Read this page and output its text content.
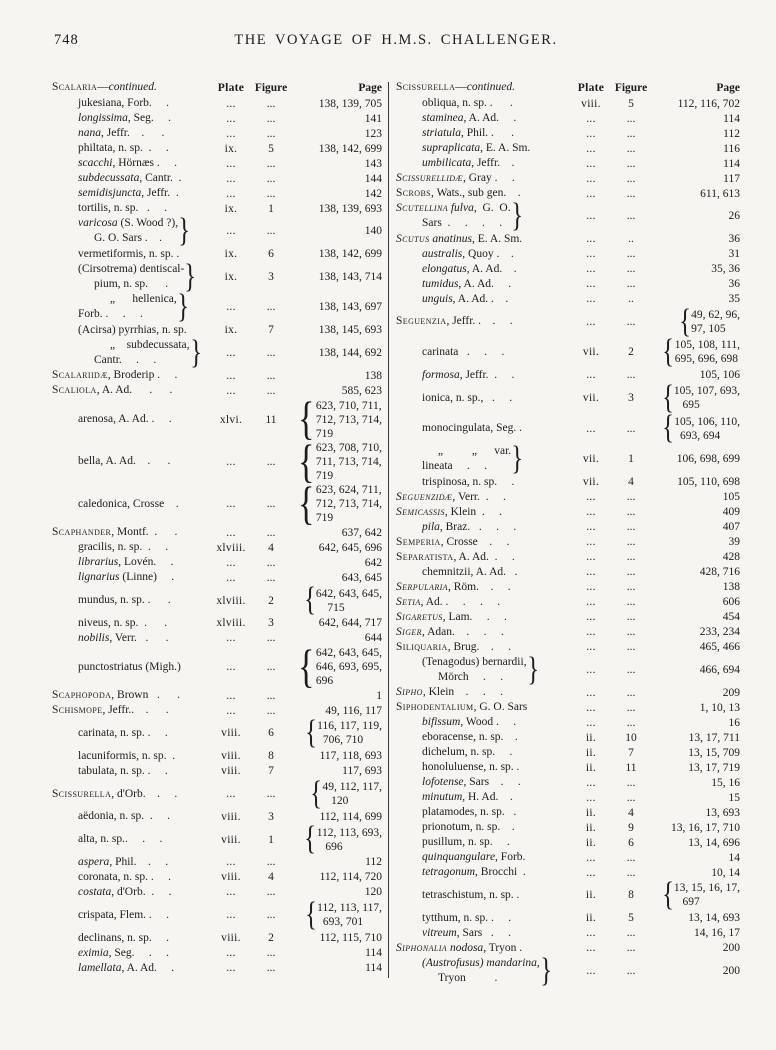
748	THE VOYAGE OF H.M.S. CHALLENGER.
Scalaria—continued.	Plate Figure	Page
jukesiana, Forb.     .	...	...	138, 139, 705
longissima, Seg.     .	...	...	141
nana, Jeffr.    .      .	...	...	123
philtata, n. sp.  .     .	ix.	5	138, 142, 699
scacchi, Hörnæs .     .	...	...	143
subdecussata, Cantr.  .	...	...	144
semidisjuncta, Jeffr.  .	...	...	142
tortilis, n. sp.   .     .	ix.	1	138, 139, 693
varicosa (S. Wood ?),
G. O. Sars .    . }	...	...	140
vermetiformis, n. sp. .	ix.	6	138, 142, 699
(Cirsotrema) dentiscal-
pium, n. sp.      . }	ix.	3	138, 143, 714
„      hellenica,
Forb. .     .     .	}	...	...	138, 143, 697
(Acirsa) pyrrhias, n. sp.	ix.	7	138, 145, 693
„    subdecussata,
Cantr.     .     . }	...	...	138, 144, 692
Scalariidæ, Broderip .     .	...	...	138
Scaliola, A. Ad.      .      .	...	...	585, 623
arenosa, A. Ad. .     .	xlvi.	11 { 623, 710, 711,
712, 713, 714,
719
bella, A. Ad.    .      .	...	... { 623, 708, 710,
711, 713, 714,
719
caledonica, Crosse    .	...	... { 623, 624, 711,
712, 713, 714,
719
Scaphander, Montf.  .      .	...	...	637, 642
gracilis, n. sp.  .     .	xlviii.	4	642, 645, 696
librarius, Lovén.     .	...	...	642
lignarius (Linne)     .	...	...	643, 645
mundus, n. sp. .      .	xlviii.	2 { 642, 643, 645,
715
niveus, n. sp.  .      .	xlviii.	3	642, 644, 717
nobilis, Verr.   .      .	...	...	644
punctostriatus (Migh.)	...	... { 642, 643, 645,
646, 693, 695,
696
Scaphopoda, Brown   .      .	...	...	1
Schismope, Jeffr..    .      .	...	...	49, 116, 117
carinata, n. sp. .     .	viii.	6 { 116, 117, 119,
706, 710
lacuniformis, n. sp.  .	viii.	8	117, 118, 693
tabulata, n. sp. .     .	viii.	7	117, 693
Scissurella, d'Orb.    .     .	...	...	{ 49, 112, 117,
120
aëdonia, n. sp.  .     .	viii.	3	112, 114, 699
alta, n. sp..     .     .	viii.	1 { 112, 113, 693,
696
aspera, Phil.    .     .	...	...	112
coronata, n. sp. .     .	viii.	4	112, 114, 720
costata, d'Orb.  .     .	...	...	120
crispata, Flem. .     .	...	... { 112, 113, 117,
693, 701
declinans, n. sp.     .	viii.	2	112, 115, 710
eximia, Seg.     .     .	...	...	114
lamellata, A. Ad.     .	...	...	114
Scissurella—continued.	Plate Figure	Page
obliqua, n. sp. .      .	viii.	5	112, 116, 702
staminea, A. Ad.     .	...	...	114
striatula, Phil. .      .	...	...	112
supraplicata, E. A. Sm.	...	...	116
umbilicata, Jeffr.    .	...	...	114
Scissurellidæ, Gray .     .	...	...	117
Scrobs, Wats., sub gen.    .	...	...	611, 613
Scutellina fulva,  G.  O.
Sars  .     .     .     . }	...	...	26
Scutus anatinus, E. A. Sm.	...	..	36
australis, Quoy .    .	...	...	31
elongatus, A. Ad.    .	...	...	35, 36
tumidus, A. Ad.     .	...	...	36
unguis, A. Ad. .    .	...	..	35
Seguenzia, Jeffr. .    .     .	...	...	{ 49, 62, 96,
97, 105
carinata   .     .     .	vii.	2 { 105, 108, 111,
695, 696, 698
formosa, Jeffr.  .     .	...	...	105, 106
ionica, n. sp.,   .     .	vii.	3 { 105, 107, 693,
695
monocingulata, Seg. .	...	... { 105, 106, 110,
693, 694
„          „      var.
lineata     .     . }	vii.	1	106, 698, 699
trispinosa, n. sp.     .	vii.	4	105, 110, 698
Seguenzidæ, Verr.  .     .	...	...	105
Semicassis, Klein  .     .	...	...	409
pila, Braz.   .     .     .	...	...	407
Semperia, Crosse    .     .	...	...	39
Separatista, A. Ad.  .     .	...	...	428
chemnitzii, A. Ad.   .	...	...	428, 716
Serpularia, Röm.    .     .	...	...	138
Setia, Ad. .     .     .     .	...	...	606
Sigaretus, Lam.     .     .	...	...	454
Siger, Adan.    .     .     .	...	...	233, 234
Siliquaria, Brug.    .     .	...	...	465, 466
(Tenagodus) bernardii,
Mörch     .     . }	...	...	466, 694
Sipho, Klein    .     .     .	...	...	209
Siphodentalium, G. O. Sars	...	...	1, 10, 13
bifissum, Wood .     .	...	...	16
eboracense, n. sp.    .	ii.	10	13, 17, 711
dichelum, n. sp.     .	ii.	7	13, 15, 709
honoluluense, n. sp. .	ii.	11	13, 17, 719
lofotense, Sars    .     .	...	...	15, 16
minutum, H. Ad.    .	...	...	15
platamodes, n. sp.   .	ii.	4	13, 693
prionotum, n. sp.    .	ii.	9	13, 16, 17, 710
pusillum, n. sp.     .	ii.	6	13, 14, 696
quinquangulare, Forb.	...	...	14
tetragonum, Brocchi  .	...	...	10, 14
tetraschistum, n. sp. .	ii.	8 { 13, 15, 16, 17,
697
tytthum, n. sp. .     .	ii.	5	13, 14, 693
vitreum, Sars   .     .	...	...	14, 16, 17
Siphonalia nodosa, Tryon .	...	...	200
(Austrofusus) mandarina,
Tryon          .	}	...	...	200
